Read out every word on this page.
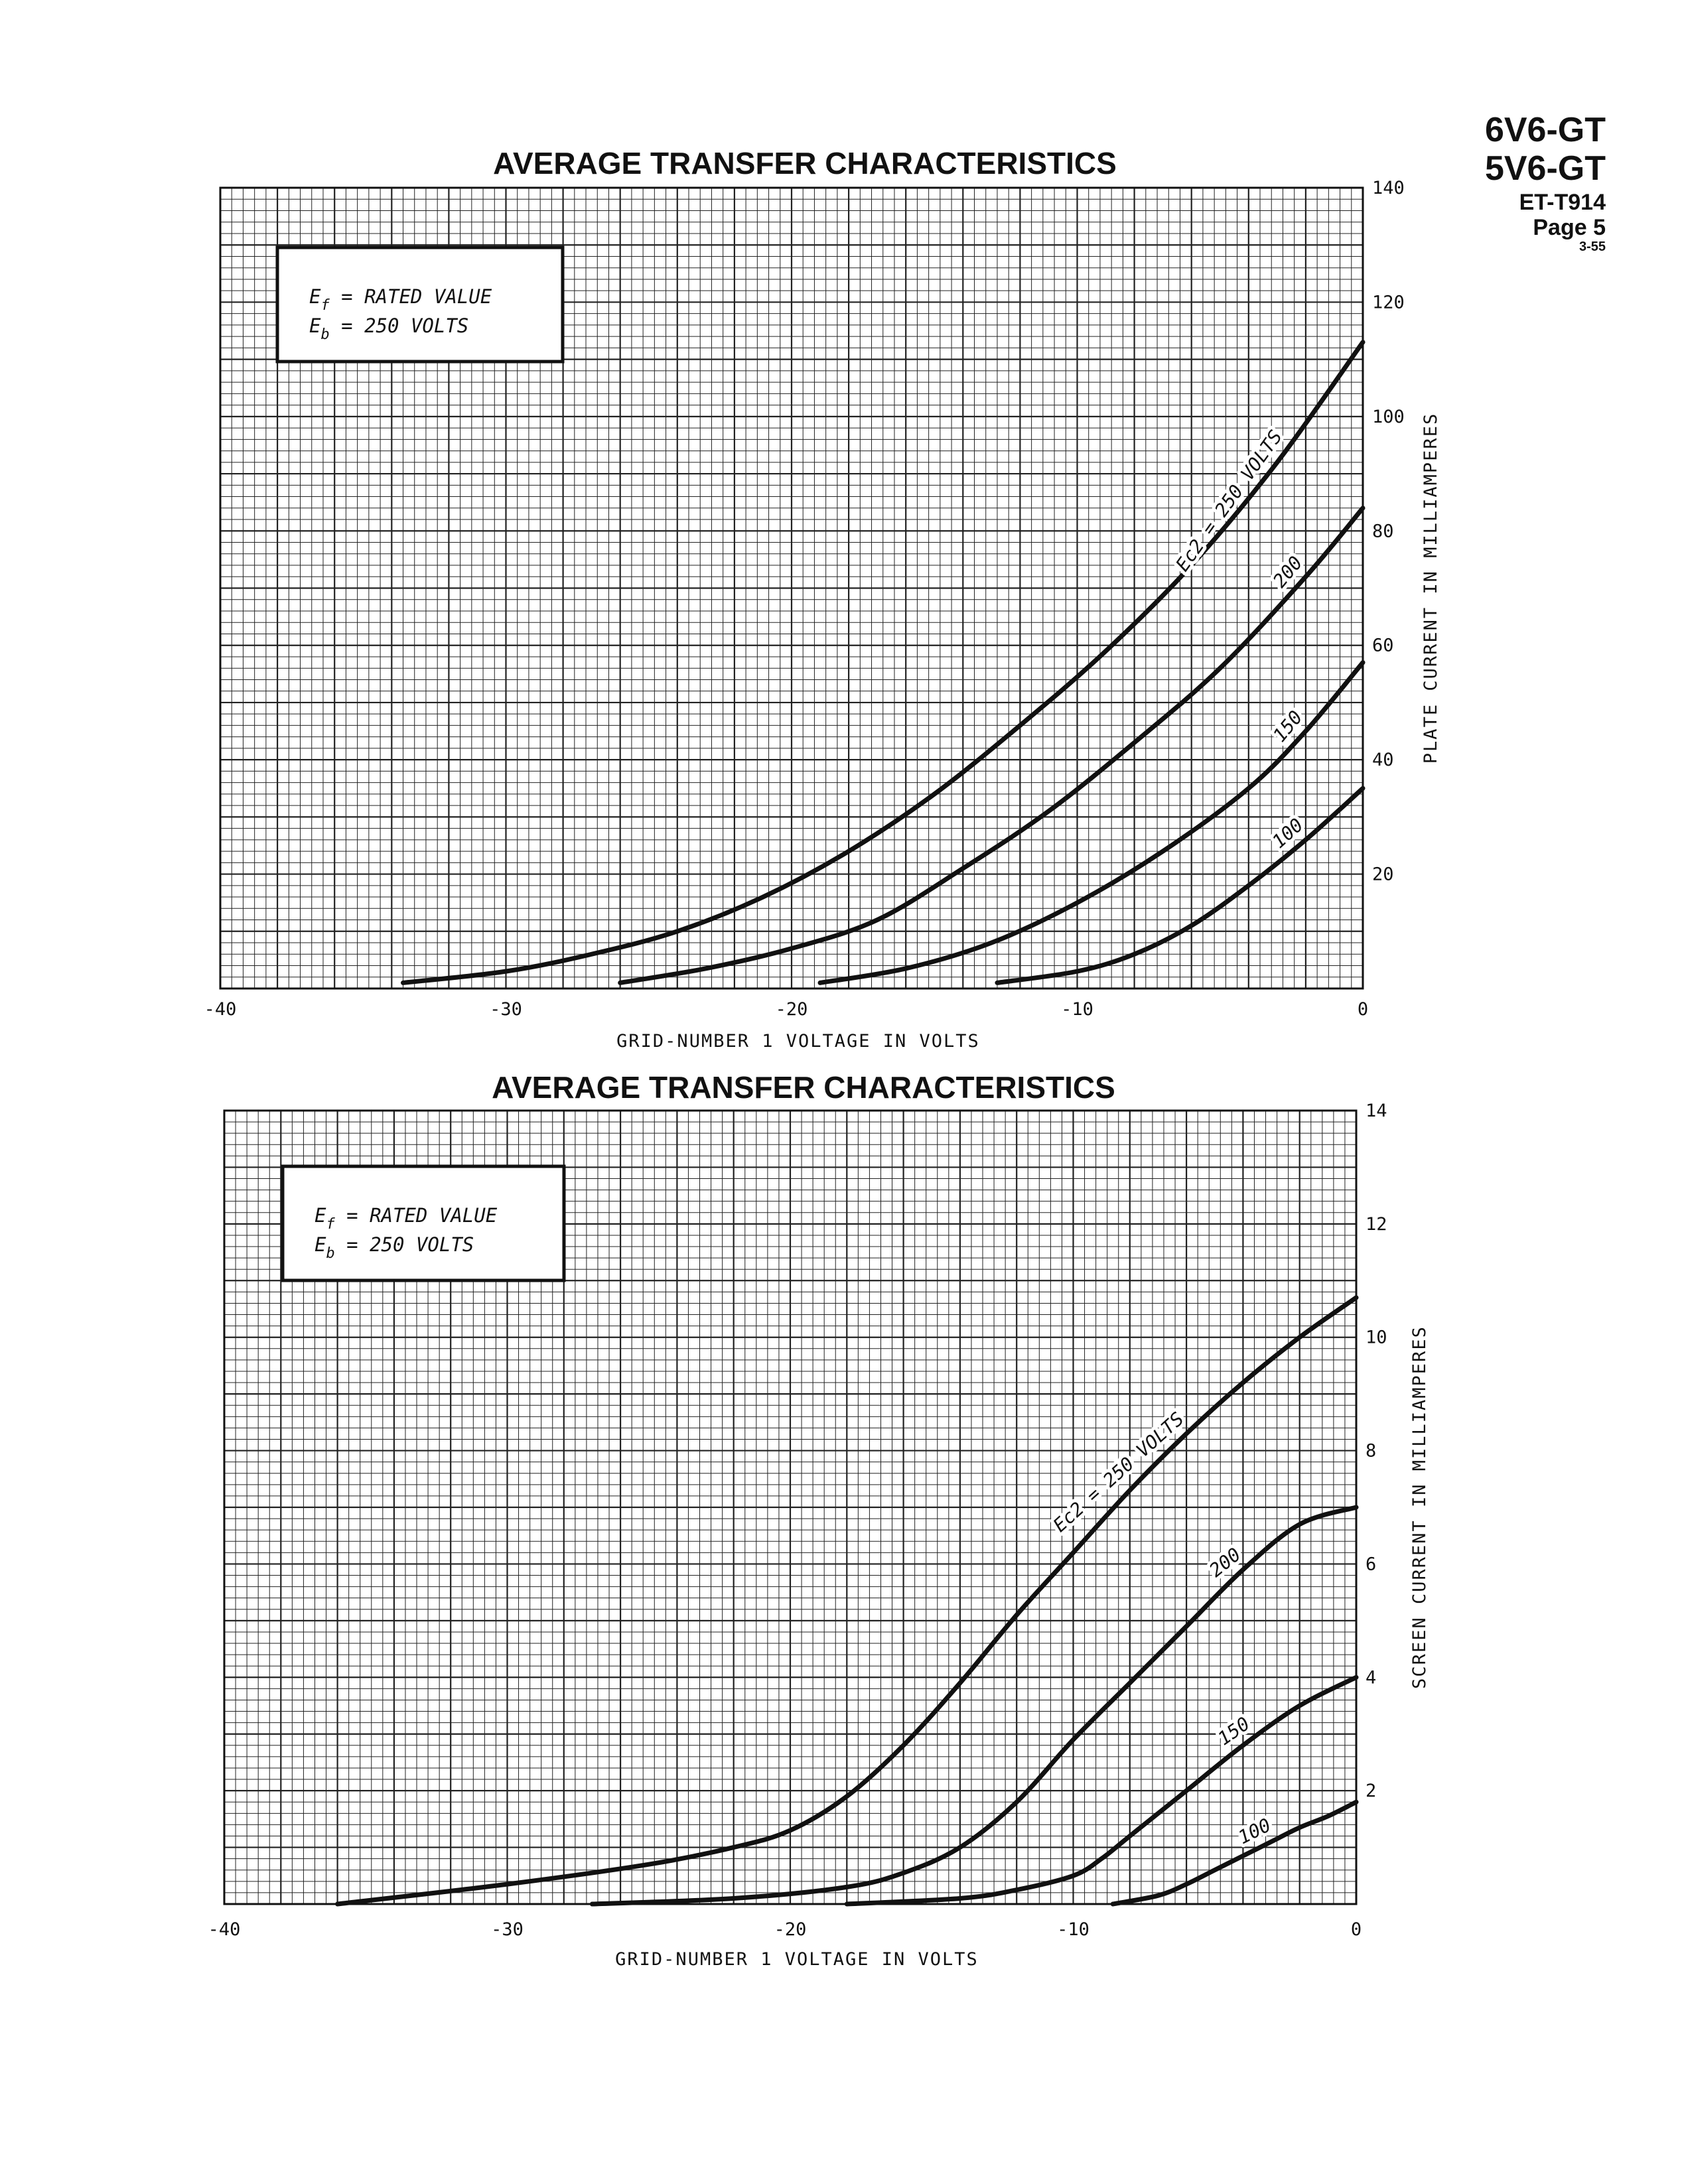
6V6-GT
5V6-GT
ET-T914
Page 5
3-55
AVERAGE TRANSFER CHARACTERISTICS
-40	-30	-20	-10	0
20
40
60
80
100
120
140
GRID-NUMBER 1 VOLTAGE IN VOLTS
PLATE CURRENT IN MILLIAMPERES
$E_f$ = RATED VALUE
$E_b = 250$ VOLTS
Ec2 = 250 VOLTS
200
150
100
AVERAGE TRANSFER CHARACTERISTICS
-40	-30	-20	-10	0
2
4
6
8
10
12
14
GRID-NUMBER 1 VOLTAGE IN VOLTS
SCREEN CURRENT IN MILLIAMPERES
$E_f$ = RATED VALUE
$E_b = 250$ VOLTS
Ec2 = 250 VOLTS
200
150
100
